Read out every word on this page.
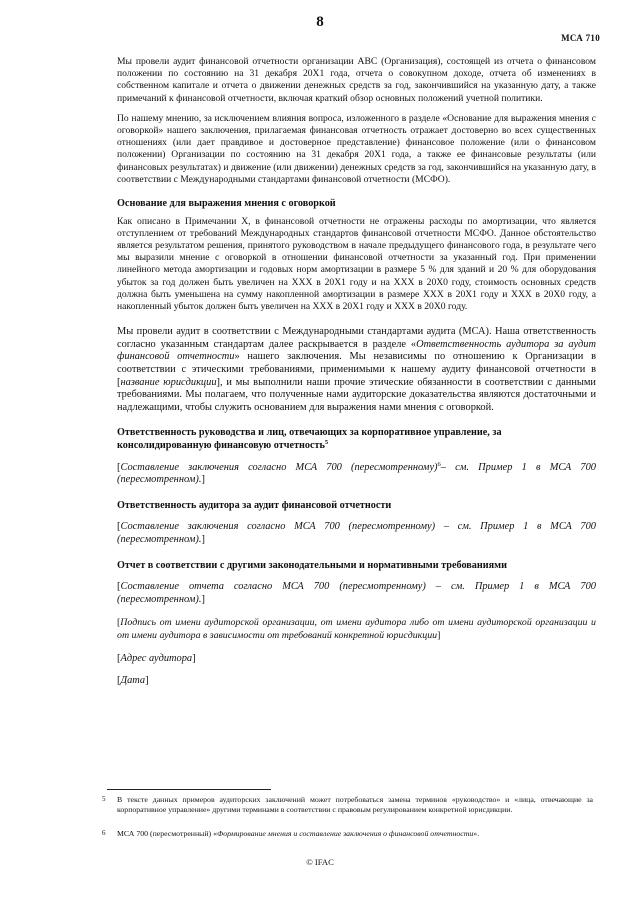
8
МСА 710

Мы провели аудит финансовой отчетности организации АВС (Организация), состоящей из отчета о финансовом положении по состоянию на 31 декабря 20X1 года, отчета о совокупном доходе, отчета об изменениях в собственном капитале и отчета о движении денежных средств за год, закончившийся на указанную дату, а также примечаний к финансовой отчетности, включая краткий обзор основных положений учетной политики.

По нашему мнению, за исключением влияния вопроса, изложенного в разделе «Основание для выражения мнения с оговоркой» нашего заключения, прилагаемая финансовая отчетность отражает достоверно во всех существенных отношениях (или дает правдивое и достоверное представление) финансовое положение (или о финансовом положении) Организации по состоянию на 31 декабря 20X1 года, а также ее финансовые результаты (или финансовых результатах) и движение (или движении) денежных средств за год, закончившийся на указанную дату, в соответствии с Международными стандартами финансовой отчетности (МСФО).

Основание для выражения мнения с оговоркой

Как описано в Примечании X, в финансовой отчетности не отражены расходы по амортизации, что является отступлением от требований Международных стандартов финансовой отчетности МСФО. Данное обстоятельство является результатом решения, принятого руководством в начале предыдущего финансового года, в результате чего мы выразили мнение с оговоркой в отношении финансовой отчетности за указанный год. При применении линейного метода амортизации и годовых норм амортизации в размере 5 % для зданий и 20 % для оборудования убыток за год должен быть увеличен на XXX в 20X1 году и на XXX в 20X0 году, стоимость основных средств должна быть уменьшена на сумму накопленной амортизации в размере XXX в 20X1 году и XXX в 20X0 году, а накопленный убыток должен быть увеличен на XXX в 20X1 году и XXX в 20X0 году.

Мы провели аудит в соответствии с Международными стандартами аудита (МСА). Наша ответственность согласно указанным стандартам далее раскрывается в разделе «Ответственность аудитора за аудит финансовой отчетности» нашего заключения. Мы независимы по отношению к Организации в соответствии с этическими требованиями, применимыми к нашему аудиту финансовой отчетности в [название юрисдикции], и мы выполнили наши прочие этические обязанности в соответствии с данными требованиями. Мы полагаем, что полученные нами аудиторские доказательства являются достаточными и надлежащими, чтобы служить основанием для выражения нами мнения с оговоркой.

Ответственность руководства и лиц, отвечающих за корпоративное управление, за консолидированную финансовую отчетность$^5$

[Составление заключения согласно МСА 700 (пересмотренному)$^6$– см. Пример 1 в МСА 700 (пересмотренном).]

Ответственность аудитора за аудит финансовой отчетности

[Составление заключения согласно МСА 700 (пересмотренному) – см. Пример 1 в МСА 700 (пересмотренном).]

Отчет в соответствии с другими законодательными и нормативными требованиями

[Составление отчета согласно МСА 700 (пересмотренному) – см. Пример 1 в МСА 700 (пересмотренном).]

[Подпись от имени аудиторской организации, от имени аудитора либо от имени аудиторской организации и от имени аудитора в зависимости от требований конкретной юрисдикции]

[Адрес аудитора]

[Дата]

5 В тексте данных примеров аудиторских заключений может потребоваться замена терминов «руководство» и «лица, отвечающие за корпоративное управление» другими терминами в соответствии с правовым регулированием конкретной юрисдикции.
6 МСА 700 (пересмотренный) «Формирование мнения и составление заключения о финансовой отчетности».
© IFAC
